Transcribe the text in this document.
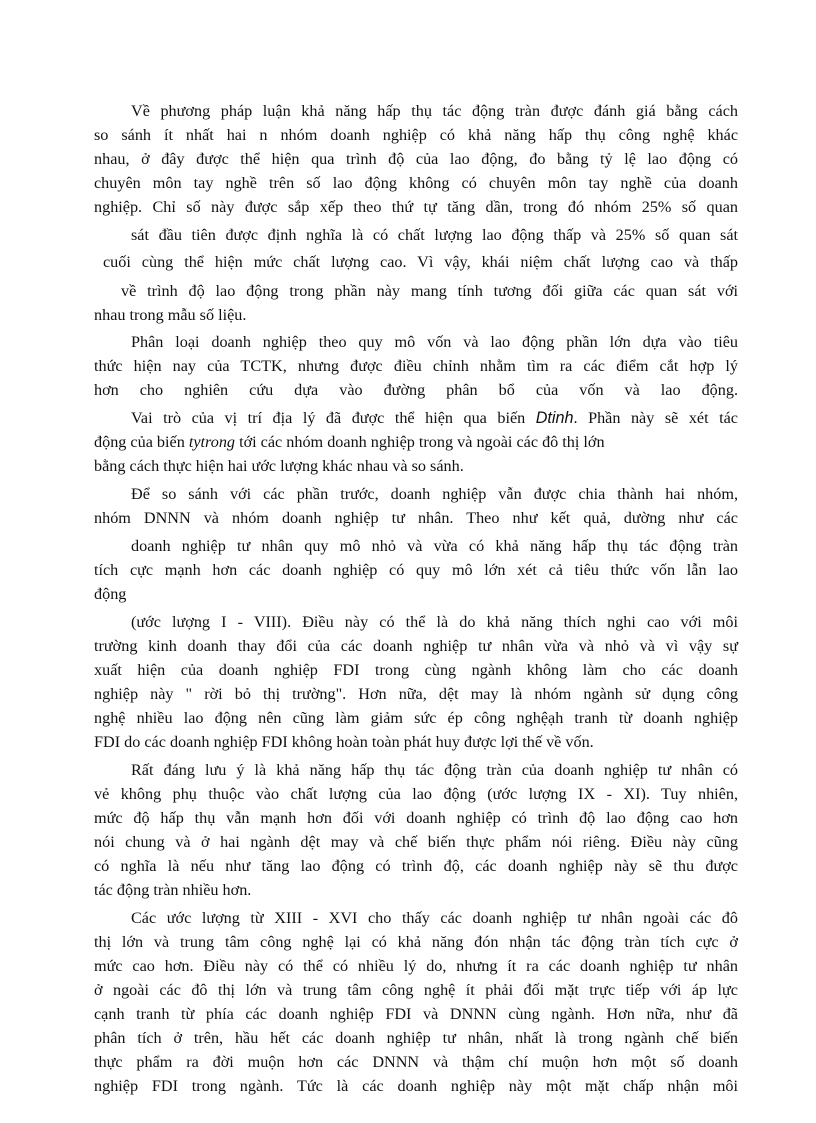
Về phương pháp luận khả năng hấp thụ tác động tràn được đánh giá bằng cách
so sánh ít nhất hai n nhóm doanh nghiệp có khả năng hấp thụ công nghệ khác
nhau, ở đây được thể hiện qua trình độ của lao động, đo bằng tỷ lệ lao động có
chuyên môn tay nghề trên số lao động không có chuyên môn tay nghề của doanh
nghiệp. Chỉ số này được sắp xếp theo thứ tự tăng dần, trong đó nhóm 25% số quan
sát đầu tiên được định nghĩa là có chất lượng lao động thấp và 25% số quan sát
cuối cùng thể hiện mức chất lượng cao. Vì vậy, khái niệm chất lượng cao và thấp
về trình độ lao động trong phần này mang tính tương đối giữa các quan sát với
nhau trong mẫu số liệu.
Phân loại doanh nghiệp theo quy mô vốn và lao động phần lớn dựa vào tiêu
thức hiện nay của TCTK, nhưng được điều chỉnh nhằm tìm ra các điểm cắt hợp lý
hơn cho nghiên cứu dựa vào đường phân bổ của vốn và lao động.
Vai trò của vị trí địa lý đã được thể hiện qua biến Dtinh. Phần này sẽ xét tác
động của biến tytrong tới các nhóm doanh nghiệp trong và ngoài các đô thị lớn
bằng cách thực hiện hai ước lượng khác nhau và so sánh.
Để so sánh với các phần trước, doanh nghiệp vẫn được chia thành hai nhóm,
nhóm DNNN và nhóm doanh nghiệp tư nhân. Theo như kết quả, dường như các
doanh nghiệp tư nhân quy mô nhỏ và vừa có khả năng hấp thụ tác động tràn
tích cực mạnh hơn các doanh nghiệp có quy mô lớn xét cả tiêu thức vốn lẫn lao
động
(ước lượng I - VIII). Điều này có thể là do khả năng thích nghi cao với môi
trường kinh doanh thay đổi của các doanh nghiệp tư nhân vừa và nhỏ và vì vậy sự
xuất hiện của doanh nghiệp FDI trong cùng ngành không làm cho các doanh
nghiệp này " rời bỏ thị trường". Hơn nữa, dệt may là nhóm ngành sử dụng công
nghệ nhiều lao động nên cũng làm giảm sức ép công nghệạh tranh từ doanh nghiệp
FDI do các doanh nghiệp FDI không hoàn toàn phát huy được lợi thế về vốn.
Rất đáng lưu ý là khả năng hấp thụ tác động tràn của doanh nghiệp tư nhân có
vẻ không phụ thuộc vào chất lượng của lao động (ước lượng IX - XI). Tuy nhiên,
mức độ hấp thụ vẫn mạnh hơn đối với doanh nghiệp có trình độ lao động cao hơn
nói chung và ở hai ngành dệt may và chế biến thực phẩm nói riêng. Điều này cũng
có nghĩa là nếu như tăng lao động có trình độ, các doanh nghiệp này sẽ thu được
tác động tràn nhiều hơn.
Các ước lượng từ XIII - XVI cho thấy các doanh nghiệp tư nhân ngoài các đô
thị lớn và trung tâm công nghệ lại có khả năng đón nhận tác động tràn tích cực ở
mức cao hơn. Điều này có thể có nhiều lý do, nhưng ít ra các doanh nghiệp tư nhân
ở ngoài các đô thị lớn và trung tâm công nghệ ít phải đối mặt trực tiếp với áp lực
cạnh tranh từ phía các doanh nghiệp FDI và DNNN cùng ngành. Hơn nữa, như đã
phân tích ở trên, hầu hết các doanh nghiệp tư nhân, nhất là trong ngành chế biến
thực phẩm ra đời muộn hơn các DNNN và thậm chí muộn hơn một số doanh
nghiệp FDI trong ngành. Tức là các doanh nghiệp này một mặt chấp nhận môi
